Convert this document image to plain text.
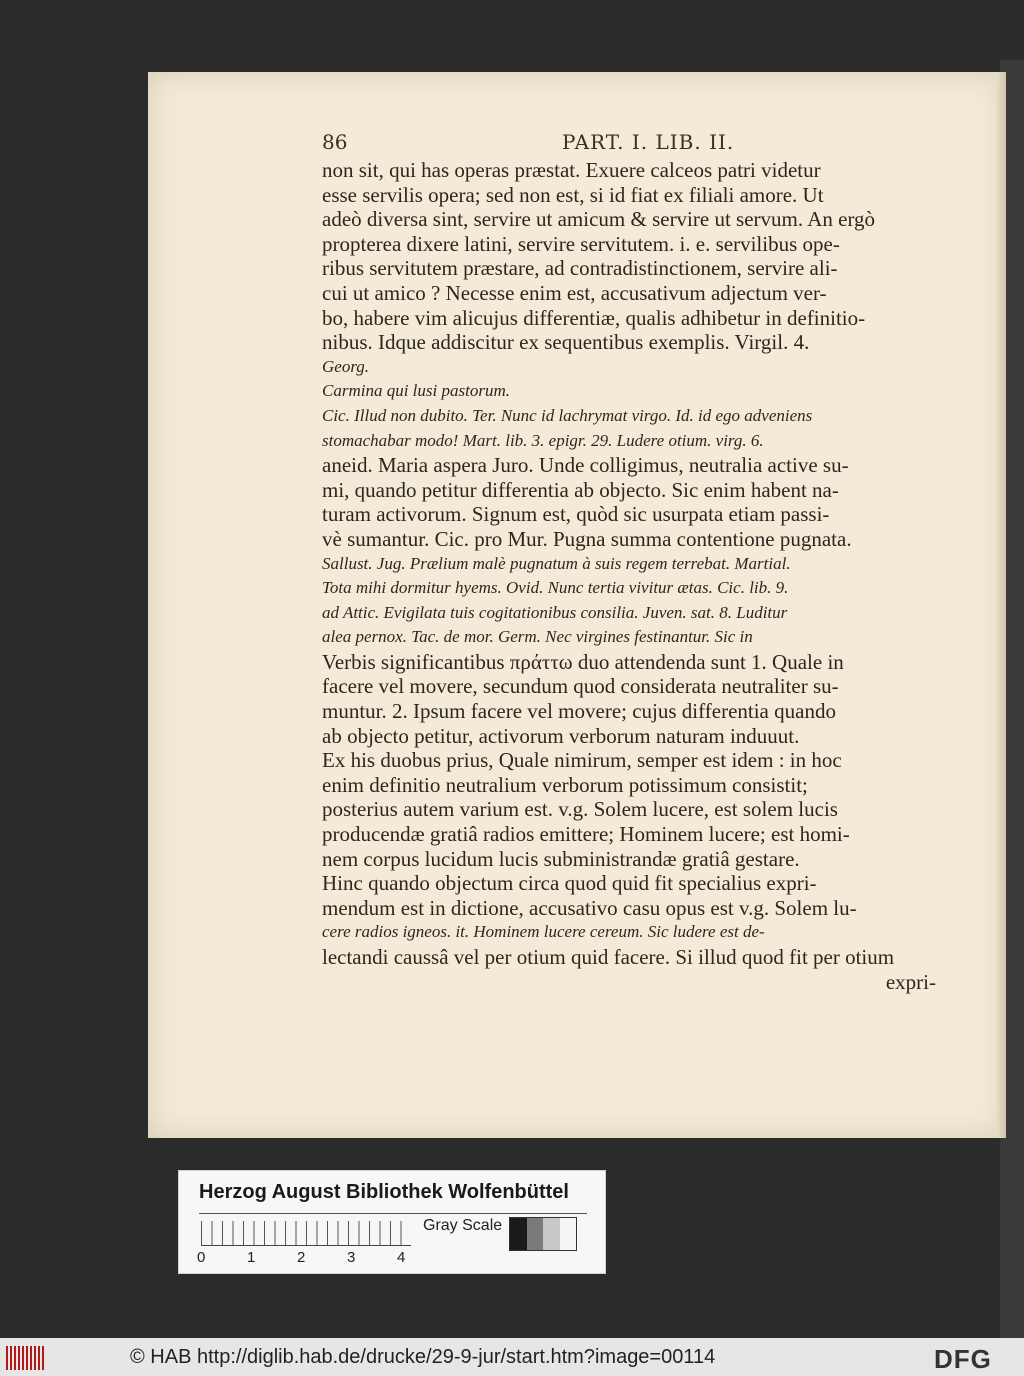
86	PART. I. LIB. II.
non sit, qui has operas præstat. Exuere calceos patri videtur
esse servilis opera; sed non est, si id fiat ex filiali amore. Ut
adeò diversa sint, servire ut amicum & servire ut servum. An ergò
propterea dixere latini, servire servitutem. i. e. servilibus ope-
ribus servitutem præstare, ad contradistinctionem, servire ali-
cui ut amico ? Necesse enim est, accusativum adjectum ver-
bo, habere vim alicujus differentiæ, qualis adhibetur in definitio-
nibus. Idque addiscitur ex sequentibus exemplis. Virgil. 4.
Georg.
Carmina qui lusi pastorum.
Cic. Illud non dubito. Ter. Nunc id lachrymat virgo. Id. id ego adveniens
stomachabar modo! Mart. lib. 3. epigr. 29. Ludere otium. virg. 6.
aneid. Maria aspera Juro. Unde colligimus, neutralia active su-
mi, quando petitur differentia ab objecto. Sic enim habent na-
turam activorum. Signum est, quòd sic usurpata etiam passi-
vè sumantur. Cic. pro Mur. Pugna summa contentione pugnata.
Sallust. Jug. Prælium malè pugnatum à suis regem terrebat. Martial.
Tota mihi dormitur hyems. Ovid. Nunc tertia vivitur ætas. Cic. lib. 9.
ad Attic. Evigilata tuis cogitationibus consilia. Juven. sat. 8. Luditur
alea pernox. Tac. de mor. Germ. Nec virgines festinantur. Sic in
Verbis significantibus πράττω duo attendenda sunt 1. Quale in
facere vel movere, secundum quod considerata neutraliter su-
muntur. 2. Ipsum facere vel movere; cujus differentia quando
ab objecto petitur, activorum verborum naturam induuut.
Ex his duobus prius, Quale nimirum, semper est idem : in hoc
enim definitio neutralium verborum potissimum consistit;
posterius autem varium est. v.g. Solem lucere, est solem lucis
producendæ gratiâ radios emittere; Hominem lucere; est homi-
nem corpus lucidum lucis subministrandæ gratiâ gestare.
Hinc quando objectum circa quod quid fit specialius expri-
mendum est in dictione, accusativo casu opus est v.g. Solem lu-
cere radios igneos. it. Hominem lucere cereum. Sic ludere est de-
lectandi caussâ vel per otium quid facere. Si illud quod fit per otium
expri-
Herzog August Bibliothek Wolfenbüttel
0	1	2	3	4
Gray Scale
© HAB http://diglib.hab.de/drucke/29-9-jur/start.htm?image=00114	DFG
